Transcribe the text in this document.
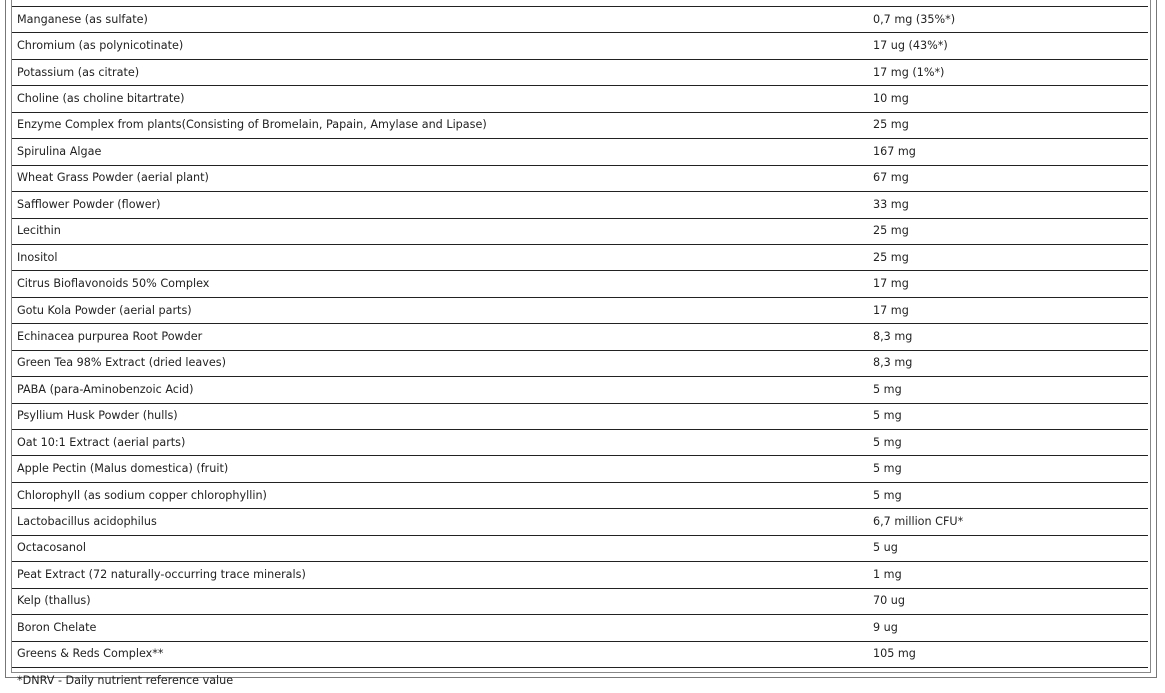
Manganese (as sulfate)	0,7 mg (35%*)
Chromium (as polynicotinate)	17 ug (43%*)
Potassium (as citrate)	17 mg (1%*)
Choline (as choline bitartrate)	10 mg
Enzyme Complex from plants(Consisting of Bromelain, Papain, Amylase and Lipase)	25 mg
Spirulina Algae	167 mg
Wheat Grass Powder (aerial plant)	67 mg
Safflower Powder (flower)	33 mg
Lecithin	25 mg
Inositol	25 mg
Citrus Bioflavonoids 50% Complex	17 mg
Gotu Kola Powder (aerial parts)	17 mg
Echinacea purpurea Root Powder	8,3 mg
Green Tea 98% Extract (dried leaves)	8,3 mg
PABA (para-Aminobenzoic Acid)	5 mg
Psyllium Husk Powder (hulls)	5 mg
Oat 10:1 Extract (aerial parts)	5 mg
Apple Pectin (Malus domestica) (fruit)	5 mg
Chlorophyll (as sodium copper chlorophyllin)	5 mg
Lactobacillus acidophilus	6,7 million CFU*
Octacosanol	5 ug
Peat Extract (72 naturally-occurring trace minerals)	1 mg
Kelp (thallus)	70 ug
Boron Chelate	9 ug
Greens & Reds Complex**	105 mg
*DNRV - Daily nutrient reference value	
